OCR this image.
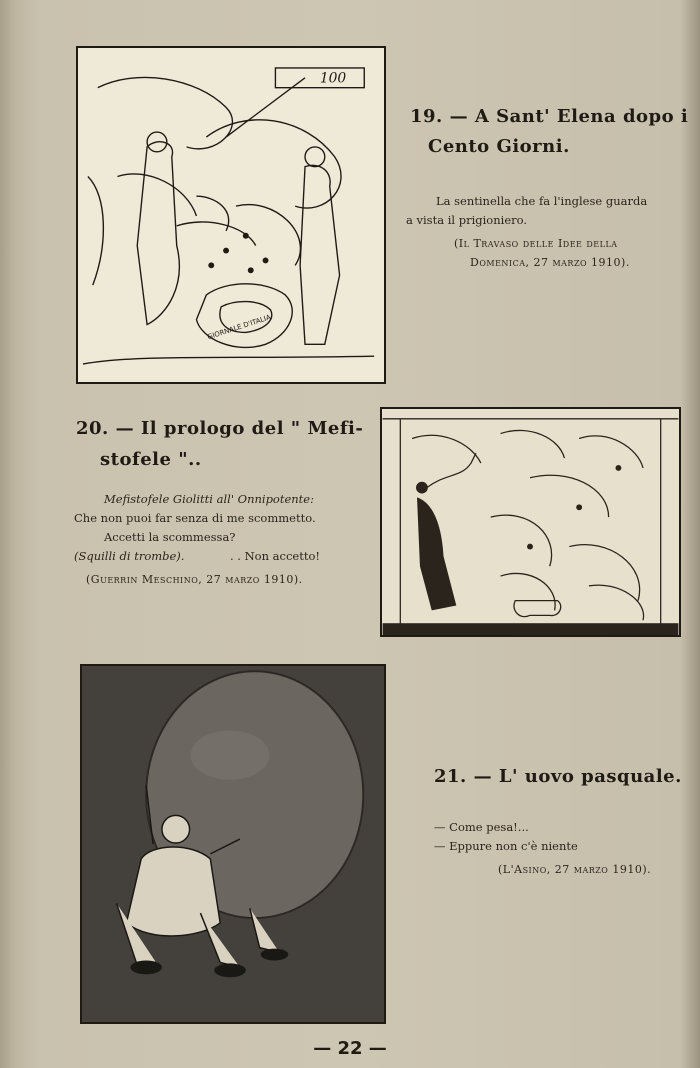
100
GIORNALE D'ITALIA
19. — A Sant' Elena dopo i
Cento Giorni.
La sentinella che fa l'inglese guarda
a vista il prigioniero.
(Il Travaso delle Idee della
Domenica, 27 marzo 1910).
20. — Il prologo del " Mefi-
stofele "..
Mefistofele Giolitti all' Onnipotente:
Che non puoi far senza di me scommetto.
Accetti la scommessa?
(Squilli di trombe).	. . Non accetto!
(Guerrin Meschino, 27 marzo 1910).
21. — L' uovo pasquale.
— Come pesa!...
— Eppure non c'è niente
(L'Asino, 27 marzo 1910).
— 22 —
